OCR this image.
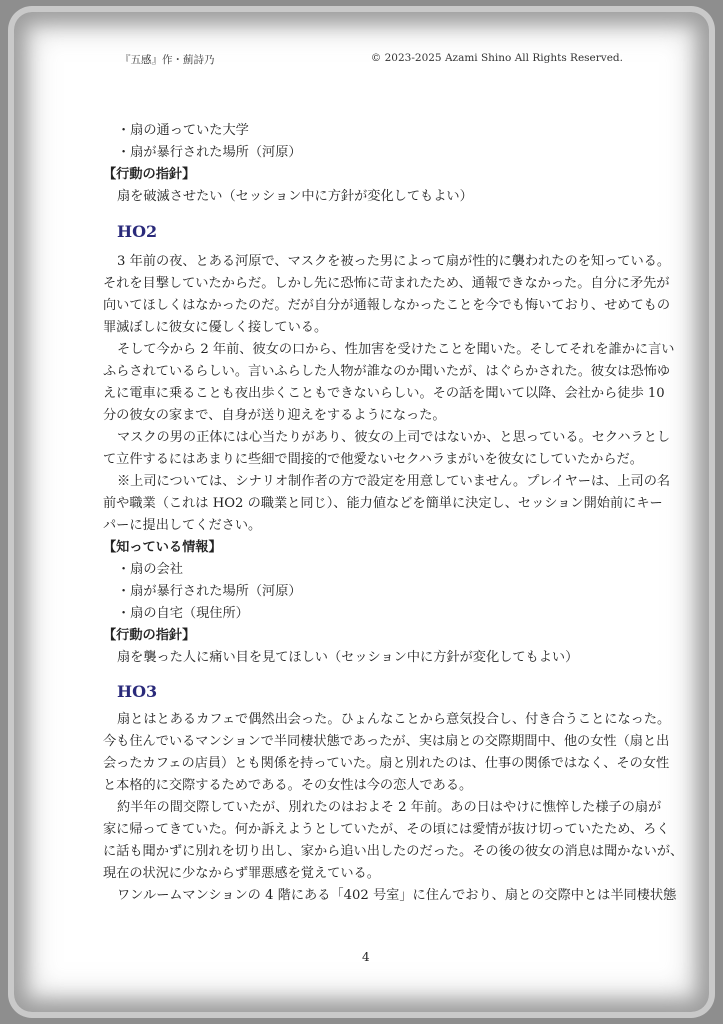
『五感』作・薊詩乃	© 2023-2025 Azami Shino All Rights Reserved.
・扇の通っていた大学
・扇が暴行された場所（河原）
【行動の指針】
扇を破滅させたい（セッション中に方針が変化してもよい）
HO2
3 年前の夜、とある河原で、マスクを被った男によって扇が性的に襲われたのを知っている。
それを目撃していたからだ。しかし先に恐怖に苛まれたため、通報できなかった。自分に矛先が
向いてほしくはなかったのだ。だが自分が通報しなかったことを今でも悔いており、せめてもの
罪滅ぼしに彼女に優しく接している。
そして今から 2 年前、彼女の口から、性加害を受けたことを聞いた。そしてそれを誰かに言い
ふらされているらしい。言いふらした人物が誰なのか聞いたが、はぐらかされた。彼女は恐怖ゆ
えに電車に乗ることも夜出歩くこともできないらしい。その話を聞いて以降、会社から徒歩 10
分の彼女の家まで、自身が送り迎えをするようになった。
マスクの男の正体には心当たりがあり、彼女の上司ではないか、と思っている。セクハラとし
て立件するにはあまりに些細で間接的で他愛ないセクハラまがいを彼女にしていたからだ。
※上司については、シナリオ制作者の方で設定を用意していません。プレイヤーは、上司の名
前や職業（これは HO2 の職業と同じ）、能力値などを簡単に決定し、セッション開始前にキー
パーに提出してください。
【知っている情報】
・扇の会社
・扇が暴行された場所（河原）
・扇の自宅（現住所）
【行動の指針】
扇を襲った人に痛い目を見てほしい（セッション中に方針が変化してもよい）
HO3
扇とはとあるカフェで偶然出会った。ひょんなことから意気投合し、付き合うことになった。
今も住んでいるマンションで半同棲状態であったが、実は扇との交際期間中、他の女性（扇と出
会ったカフェの店員）とも関係を持っていた。扇と別れたのは、仕事の関係ではなく、その女性
と本格的に交際するためである。その女性は今の恋人である。
約半年の間交際していたが、別れたのはおよそ 2 年前。あの日はやけに憔悴した様子の扇が
家に帰ってきていた。何か訴えようとしていたが、その頃には愛情が抜け切っていたため、ろく
に話も聞かずに別れを切り出し、家から追い出したのだった。その後の彼女の消息は聞かないが、
現在の状況に少なからず罪悪感を覚えている。
ワンルームマンションの 4 階にある「402 号室」に住んでおり、扇との交際中とは半同棲状態
4
